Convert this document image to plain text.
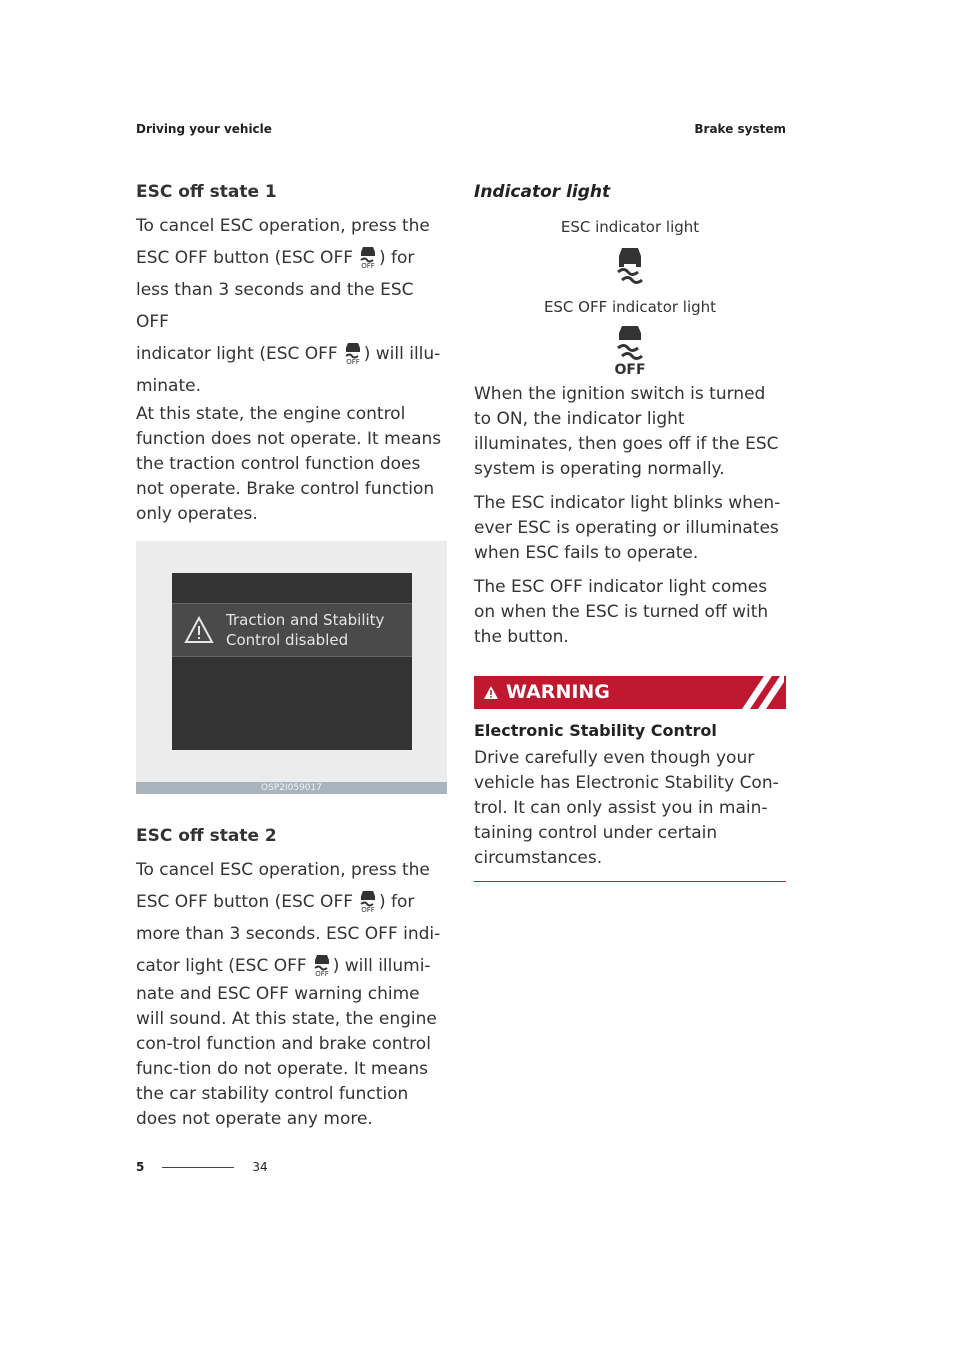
Driving your vehicle	Brake system
ESC off state 1

To cancel ESC operation, press the
ESC OFF button (ESC OFF OFF ) for
less than 3 seconds and the ESC OFF
indicator light (ESC OFF OFF ) will illu-
minate.

At this state, the engine control function does not operate. It means the traction control function does not operate. Brake control function only operates.

Traction and Stability
Control disabled
OSP2I059017
ESC off state 2

To cancel ESC operation, press the
ESC OFF button (ESC OFF OFF ) for
more than 3 seconds. ESC OFF indi-
cator light (ESC OFF OFF ) will illumi-

nate and ESC OFF warning chime will sound. At this state, the engine con-trol function and brake control func-tion do not operate. It means the car stability control function does not operate any more.

Indicator light

ESC indicator light

ESC OFF indicator light

OFF

When the ignition switch is turned to ON, the indicator light illuminates, then goes off if the ESC system is operating normally.

The ESC indicator light blinks when-ever ESC is operating or illuminates when ESC fails to operate.

The ESC OFF indicator light comes on when the ESC is turned off with the button.

WARNING
Electronic Stability Control

Drive carefully even though your vehicle has Electronic Stability Con-trol. It can only assist you in main-taining control under certain circumstances.

5	34
